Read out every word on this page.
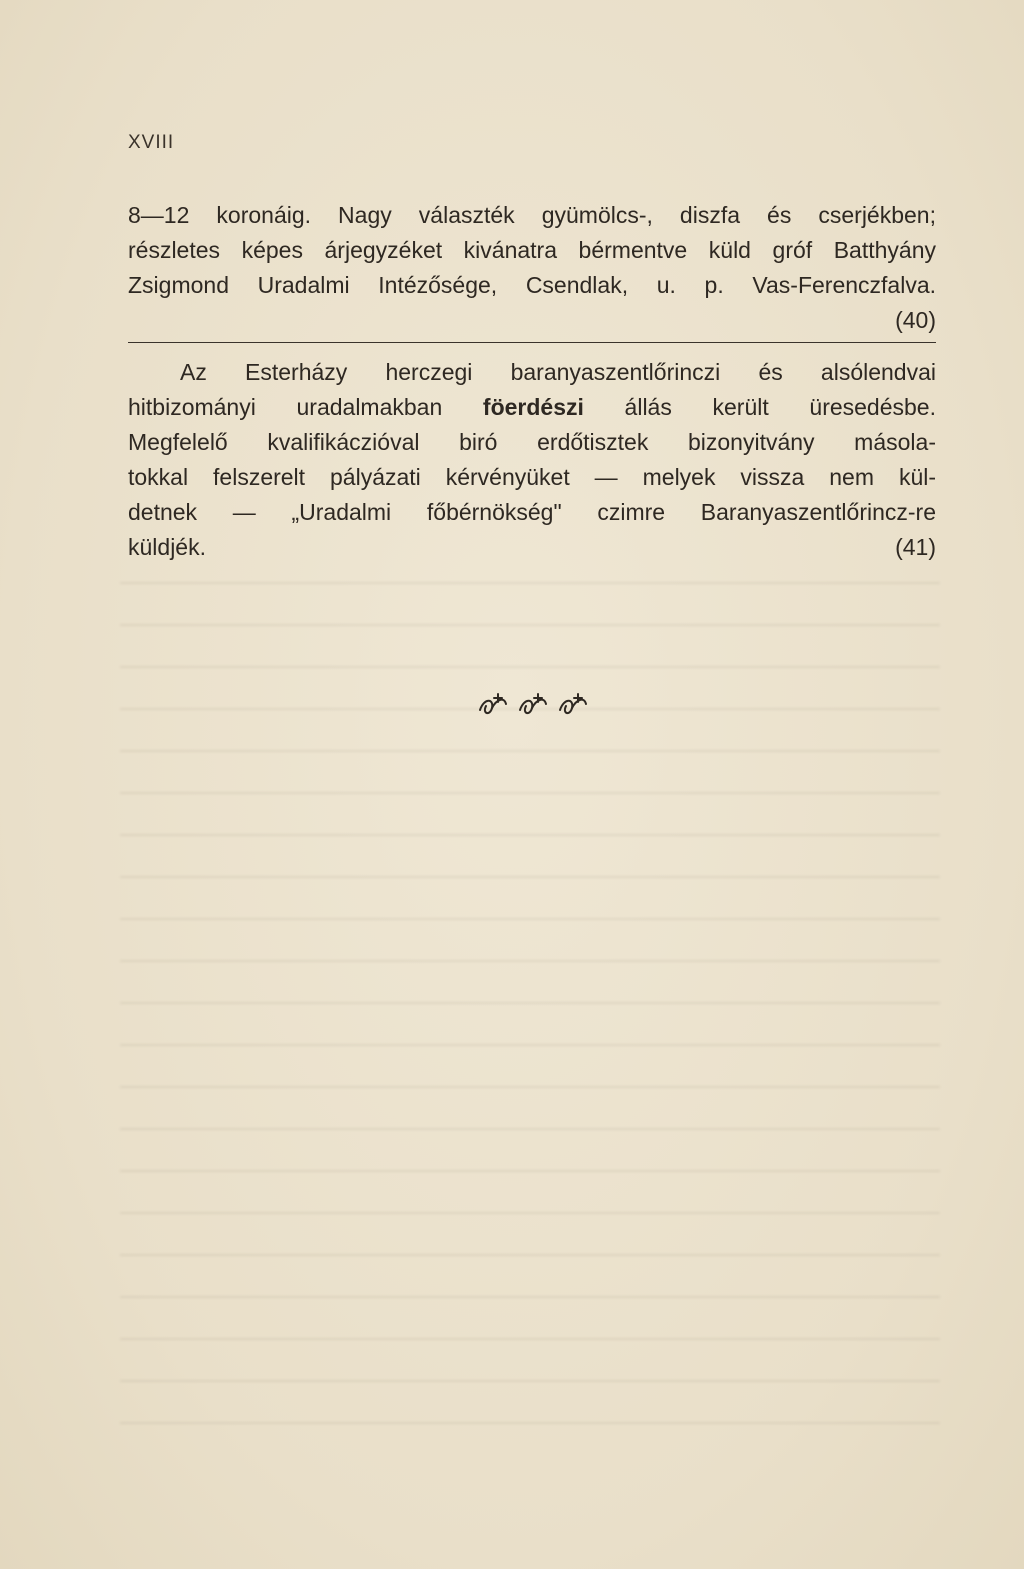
XVIII
8—12 koronáig. Nagy választék gyümölcs-, diszfa és cserjékben;
részletes képes árjegyzéket kivánatra bérmentve küld gróf Batthyány
Zsigmond Uradalmi Intézősége, Csendlak, u. p. Vas-Ferenczfalva.
(40)
Az Esterházy herczegi baranyaszentlőrinczi és alsólendvai
hitbizományi uradalmakban föerdészi állás került üresedésbe.
Megfelelő kvalifikáczióval biró erdőtisztek bizonyitvány másola-
tokkal felszerelt pályázati kérvényüket — melyek vissza nem kül-
detnek — „Uradalmi főbérnökség" czimre Baranyaszentlőrincz-re
küldjék.	(41)
